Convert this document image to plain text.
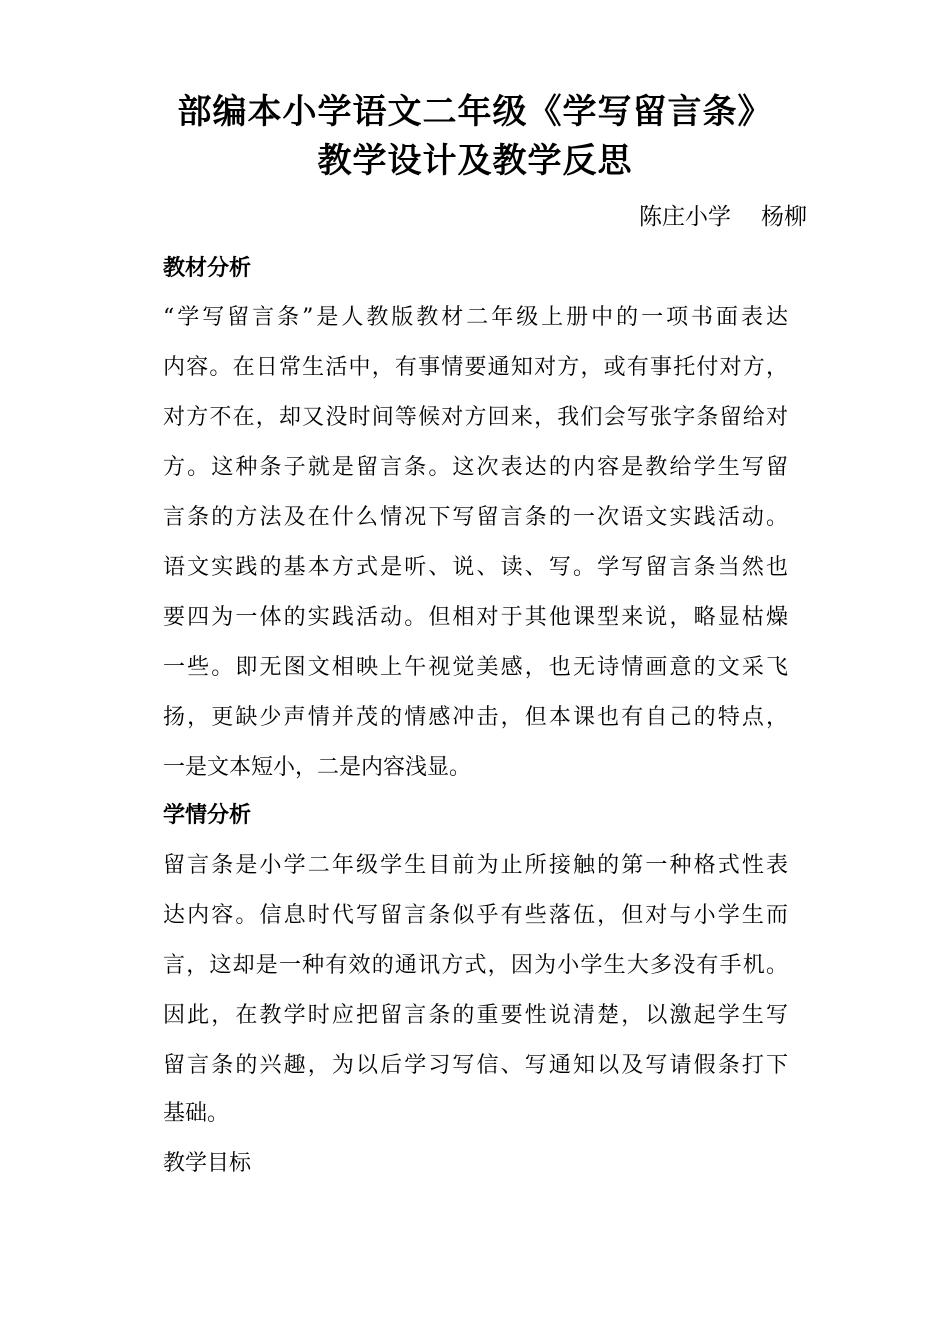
部编本小学语文二年级《学写留言条》
教学设计及教学反思
陈庄小学 杨柳
教材分析
“学写留言条”是人教版教材二年级上册中的一项书面表达
内容。在日常生活中，有事情要通知对方，或有事托付对方，
对方不在，却又没时间等候对方回来，我们会写张字条留给对
方。这种条子就是留言条。这次表达的内容是教给学生写留
言条的方法及在什么情况下写留言条的一次语文实践活动。
语文实践的基本方式是听、说、读、写。学写留言条当然也
要四为一体的实践活动。但相对于其他课型来说，略显枯燥
一些。即无图文相映上午视觉美感，也无诗情画意的文采飞
扬，更缺少声情并茂的情感冲击，但本课也有自己的特点，
一是文本短小，二是内容浅显。
学情分析
留言条是小学二年级学生目前为止所接触的第一种格式性表
达内容。信息时代写留言条似乎有些落伍，但对与小学生而
言，这却是一种有效的通讯方式，因为小学生大多没有手机。
因此，在教学时应把留言条的重要性说清楚，以激起学生写
留言条的兴趣，为以后学习写信、写通知以及写请假条打下
基础。
教学目标
